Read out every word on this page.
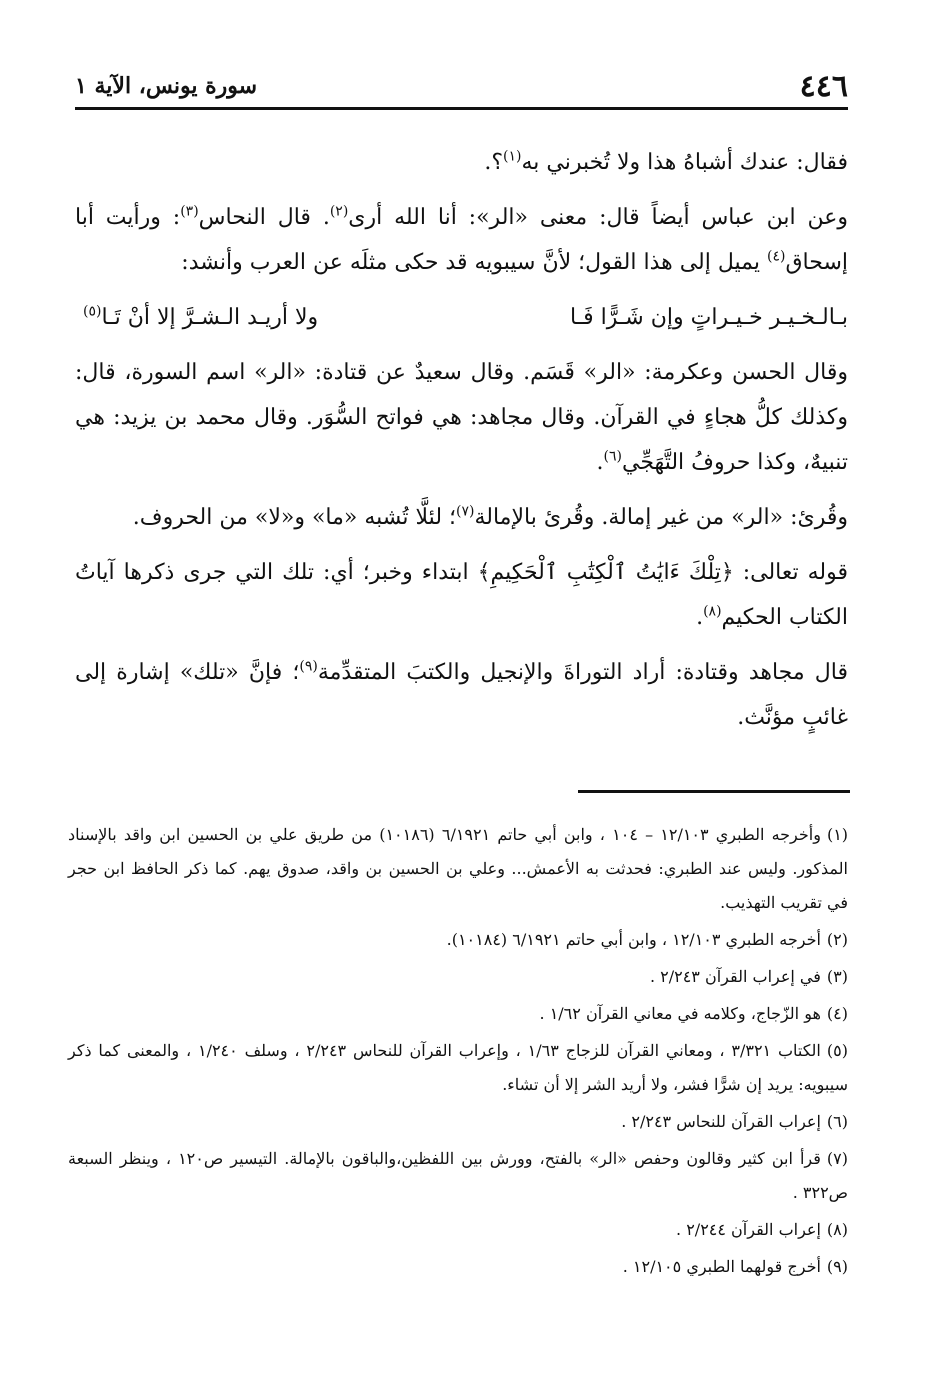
٤٤٦
سورة يونس، الآية ١

فقال: عندك أشباهُ هذا ولا تُخبرني به$^{(١)}$؟.

وعن ابن عباس أيضاً قال: معنى «الر»: أنا الله أرى$^{(٢)}$. قال النحاس$^{(٣)}$: ورأيت أبا إسحاق$^{(٤)}$ يميل إلى هذا القول؛ لأنَّ سيبويه قد حكى مثلَه عن العرب وأنشد:

بـالـخـيـر خـيـراتٍ وإن شَـرًّا فَـا
ولا أريـد الـشـرَّ إلا أنْ تَـا$^{(٥)}$

وقال الحسن وعكرمة: «الر» قَسَم. وقال سعيدٌ عن قتادة: «الر» اسم السورة، قال: وكذلك كلُّ هجاءٍ في القرآن. وقال مجاهد: هي فواتح السُّوَر. وقال محمد بن يزيد: هي تنبيهٌ، وكذا حروفُ التَّهَجِّي$^{(٦)}$.

وقُرئ: «الر» من غير إمالة. وقُرئ بالإمالة$^{(٧)}$؛ لئلَّا تُشبه «ما» و«لا» من الحروف.

قوله تعالى: ﴿تِلْكَ ءَايَٰتُ ٱلْكِتَٰبِ ٱلْحَكِيمِ﴾ ابتداء وخبر؛ أي: تلك التي جرى ذكرها آياتُ الكتاب الحكيم$^{(٨)}$.

قال مجاهد وقتادة: أراد التوراةَ والإنجيل والكتبَ المتقدِّمة$^{(٩)}$؛ فإنَّ «تلك» إشارة إلى غائبٍ مؤنَّث.

(١)وأخرجه الطبري ١٢/١٠٣ – ١٠٤ ، وابن أبي حاتم ٦/١٩٢١ (١٠١٨٦) من طريق علي بن الحسين ابن واقد بالإسناد المذكور. وليس عند الطبري: فحدثت به الأعمش... وعلي بن الحسين بن واقد، صدوق يهم. كما ذكر الحافظ ابن حجر في تقريب التهذيب.
(٢)أخرجه الطبري ١٢/١٠٣ ، وابن أبي حاتم ٦/١٩٢١ (١٠١٨٤).
(٣)في إعراب القرآن ٢/٢٤٣ .
(٤)هو الزّجاج، وكلامه في معاني القرآن ١/٦٢ .
(٥)الكتاب ٣/٣٢١ ، ومعاني القرآن للزجاج ١/٦٣ ، وإعراب القرآن للنحاس ٢/٢٤٣ ، وسلف ١/٢٤٠ ، والمعنى كما ذكر سيبويه: يريد إن شرًّا فشر، ولا أريد الشر إلا أن تشاء.
(٦)إعراب القرآن للنحاس ٢/٢٤٣ .
(٧)قرأ ابن كثير وقالون وحفص «الر» بالفتح، وورش بين اللفظين،والباقون بالإمالة. التيسير ص١٢٠ ، وينظر السبعة ص٣٢٢ .
(٨)إعراب القرآن ٢/٢٤٤ .
(٩)أخرج قولهما الطبري ١٢/١٠٥ .
